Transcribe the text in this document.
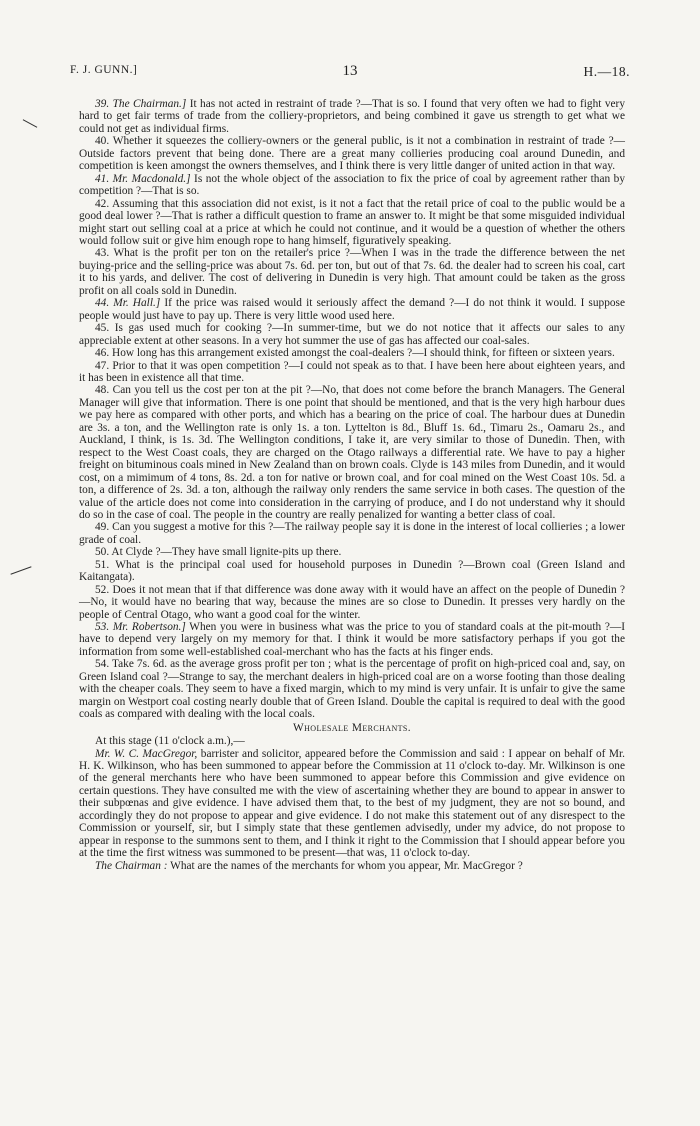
F. J. GUNN.]	13	H.—18.

39. The Chairman.] It has not acted in restraint of trade ?—That is so. I found that very often we had to fight very hard to get fair terms of trade from the colliery-proprietors, and being combined it gave us strength to get what we could not get as individual firms.

40. Whether it squeezes the colliery-owners or the general public, is it not a combination in restraint of trade ?—Outside factors prevent that being done. There are a great many collieries producing coal around Dunedin, and competition is keen amongst the owners themselves, and I think there is very little danger of united action in that way.

41. Mr. Macdonald.] Is not the whole object of the association to fix the price of coal by agreement rather than by competition ?—That is so.

42. Assuming that this association did not exist, is it not a fact that the retail price of coal to the public would be a good deal lower ?—That is rather a difficult question to frame an answer to. It might be that some misguided individual might start out selling coal at a price at which he could not continue, and it would be a question of whether the others would follow suit or give him enough rope to hang himself, figuratively speaking.

43. What is the profit per ton on the retailer's price ?—When I was in the trade the difference between the net buying-price and the selling-price was about 7s. 6d. per ton, but out of that 7s. 6d. the dealer had to screen his coal, cart it to his yards, and deliver. The cost of delivering in Dunedin is very high. That amount could be taken as the gross profit on all coals sold in Dunedin.

44. Mr. Hall.] If the price was raised would it seriously affect the demand ?—I do not think it would. I suppose people would just have to pay up. There is very little wood used here.

45. Is gas used much for cooking ?—In summer-time, but we do not notice that it affects our sales to any appreciable extent at other seasons. In a very hot summer the use of gas has affected our coal-sales.

46. How long has this arrangement existed amongst the coal-dealers ?—I should think, for fifteen or sixteen years.

47. Prior to that it was open competition ?—I could not speak as to that. I have been here about eighteen years, and it has been in existence all that time.

48. Can you tell us the cost per ton at the pit ?—No, that does not come before the branch Managers. The General Manager will give that information. There is one point that should be mentioned, and that is the very high harbour dues we pay here as compared with other ports, and which has a bearing on the price of coal. The harbour dues at Dunedin are 3s. a ton, and the Wellington rate is only 1s. a ton. Lyttelton is 8d., Bluff 1s. 6d., Timaru 2s., Oamaru 2s., and Auckland, I think, is 1s. 3d. The Wellington conditions, I take it, are very similar to those of Dunedin. Then, with respect to the West Coast coals, they are charged on the Otago railways a differential rate. We have to pay a higher freight on bituminous coals mined in New Zealand than on brown coals. Clyde is 143 miles from Dunedin, and it would cost, on a mimimum of 4 tons, 8s. 2d. a ton for native or brown coal, and for coal mined on the West Coast 10s. 5d. a ton, a difference of 2s. 3d. a ton, although the railway only renders the same service in both cases. The question of the value of the article does not come into consideration in the carrying of produce, and I do not understand why it should do so in the case of coal. The people in the country are really penalized for wanting a better class of coal.

49. Can you suggest a motive for this ?—The railway people say it is done in the interest of local collieries ; a lower grade of coal.

50. At Clyde ?—They have small lignite-pits up there.

51. What is the principal coal used for household purposes in Dunedin ?—Brown coal (Green Island and Kaitangata).

52. Does it not mean that if that difference was done away with it would have an affect on the people of Dunedin ?—No, it would have no bearing that way, because the mines are so close to Dunedin. It presses very hardly on the people of Central Otago, who want a good coal for the winter.

53. Mr. Robertson.] When you were in business what was the price to you of standard coals at the pit-mouth ?—I have to depend very largely on my memory for that. I think it would be more satisfactory perhaps if you got the information from some well-established coal-merchant who has the facts at his finger ends.

54. Take 7s. 6d. as the average gross profit per ton ; what is the percentage of profit on high-priced coal and, say, on Green Island coal ?—Strange to say, the merchant dealers in high-priced coal are on a worse footing than those dealing with the cheaper coals. They seem to have a fixed margin, which to my mind is very unfair. It is unfair to give the same margin on Westport coal costing nearly double that of Green Island. Double the capital is required to deal with the good coals as compared with dealing with the local coals.

Wholesale Merchants.

At this stage (11 o'clock a.m.),—

Mr. W. C. MacGregor, barrister and solicitor, appeared before the Commission and said : I appear on behalf of Mr. H. K. Wilkinson, who has been summoned to appear before the Commission at 11 o'clock to-day. Mr. Wilkinson is one of the general merchants here who have been summoned to appear before this Commission and give evidence on certain questions. They have consulted me with the view of ascertaining whether they are bound to appear in answer to their subpœnas and give evidence. I have advised them that, to the best of my judgment, they are not so bound, and accordingly they do not propose to appear and give evidence. I do not make this statement out of any disrespect to the Commission or yourself, sir, but I simply state that these gentlemen advisedly, under my advice, do not propose to appear in response to the summons sent to them, and I think it right to the Commission that I should appear before you at the time the first witness was summoned to be present—that was, 11 o'clock to-day.

The Chairman : What are the names of the merchants for whom you appear, Mr. MacGregor ?
